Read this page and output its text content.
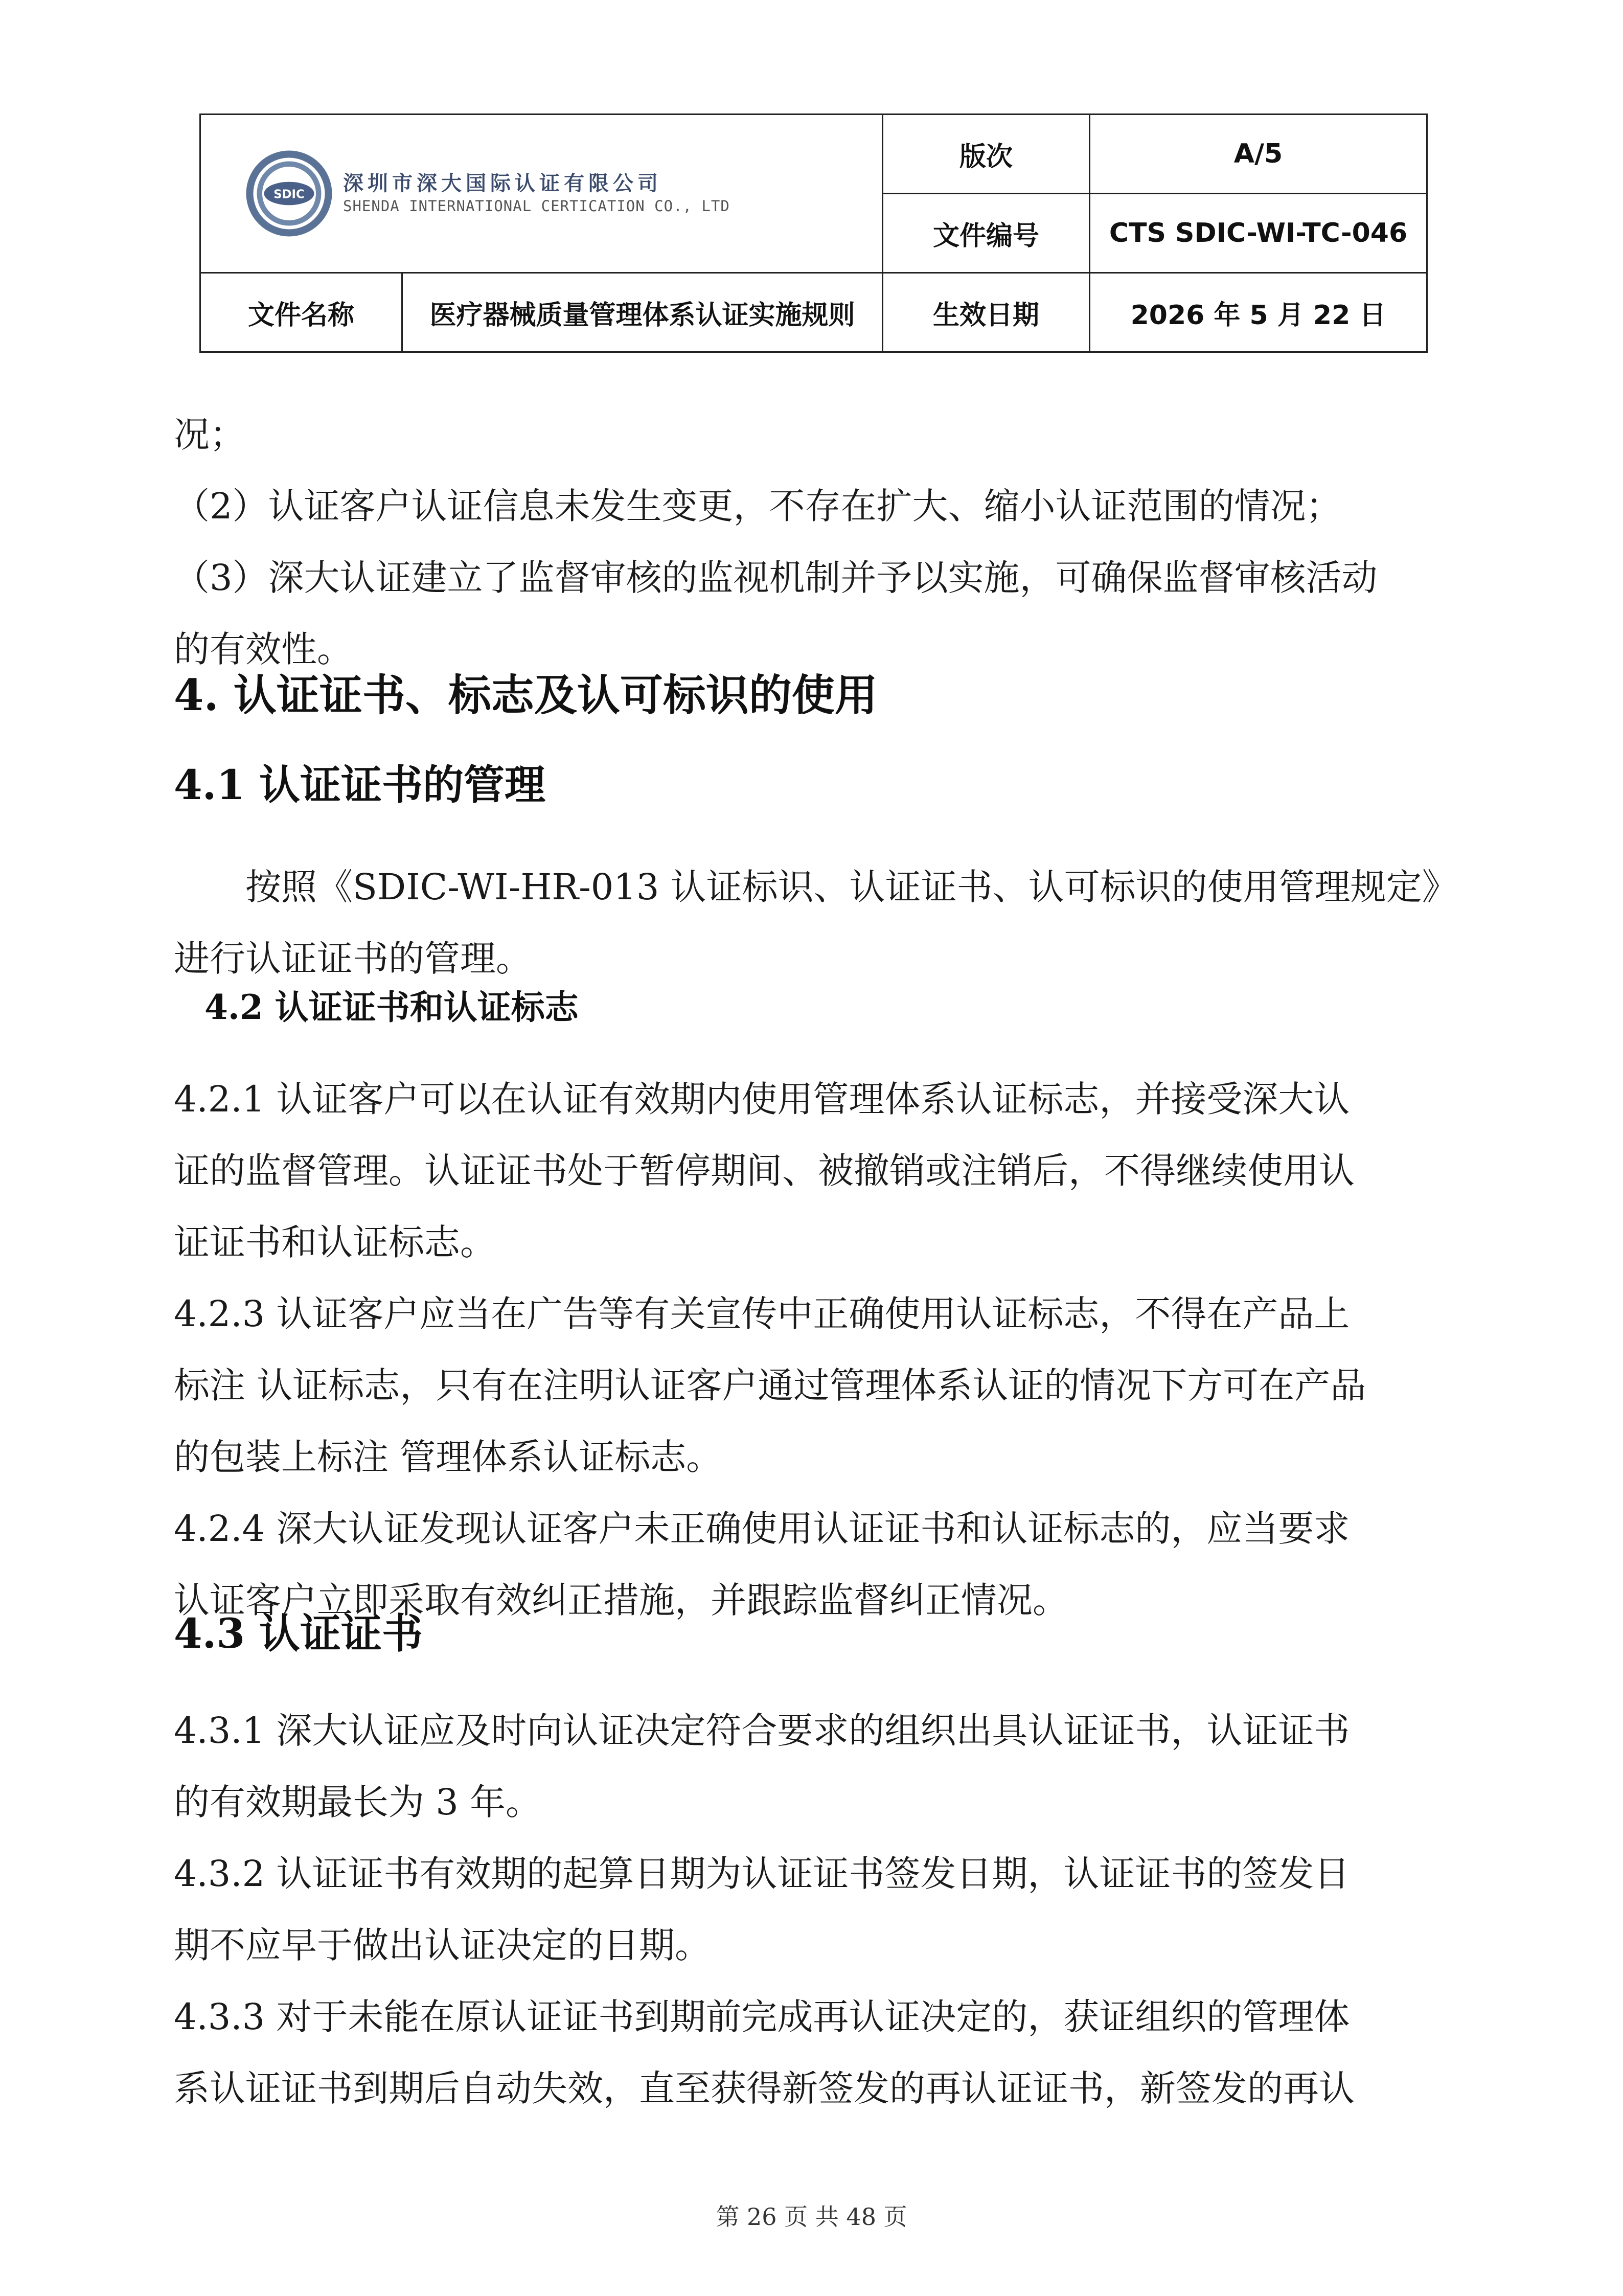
SDIC 深圳市深大国际认证有限公司
SHENDA INTERNATIONAL CERTICATION CO., LTD		版次	A/5
		文件编号	CTS SDIC-WI-TC-046
文件名称	医疗器械质量管理体系认证实施规则	生效日期	2026 年 5 月 22 日
况；
（2）认证客户认证信息未发生变更，不存在扩大、缩小认证范围的情况；
（3）深大认证建立了监督审核的监视机制并予以实施，可确保监督审核活动
的有效性。
4. 认证证书、标志及认可标识的使用
4.1 认证证书的管理
按照《SDIC-WI-HR-013 认证标识、认证证书、认可标识的使用管理规定》
进行认证证书的管理。
4.2 认证证书和认证标志
4.2.1 认证客户可以在认证有效期内使用管理体系认证标志，并接受深大认
证的监督管理。认证证书处于暂停期间、被撤销或注销后，不得继续使用认
证证书和认证标志。
4.2.3 认证客户应当在广告等有关宣传中正确使用认证标志，不得在产品上
标注 认证标志，只有在注明认证客户通过管理体系认证的情况下方可在产品
的包装上标注 管理体系认证标志。
4.2.4 深大认证发现认证客户未正确使用认证证书和认证标志的，应当要求
认证客户立即采取有效纠正措施，并跟踪监督纠正情况。
4.3 认证证书
4.3.1 深大认证应及时向认证决定符合要求的组织出具认证证书，认证证书
的有效期最长为 3 年。
4.3.2 认证证书有效期的起算日期为认证证书签发日期，认证证书的签发日
期不应早于做出认证决定的日期。
4.3.3 对于未能在原认证证书到期前完成再认证决定的，获证组织的管理体
系认证证书到期后自动失效，直至获得新签发的再认证证书，新签发的再认
第 26 页 共 48 页
